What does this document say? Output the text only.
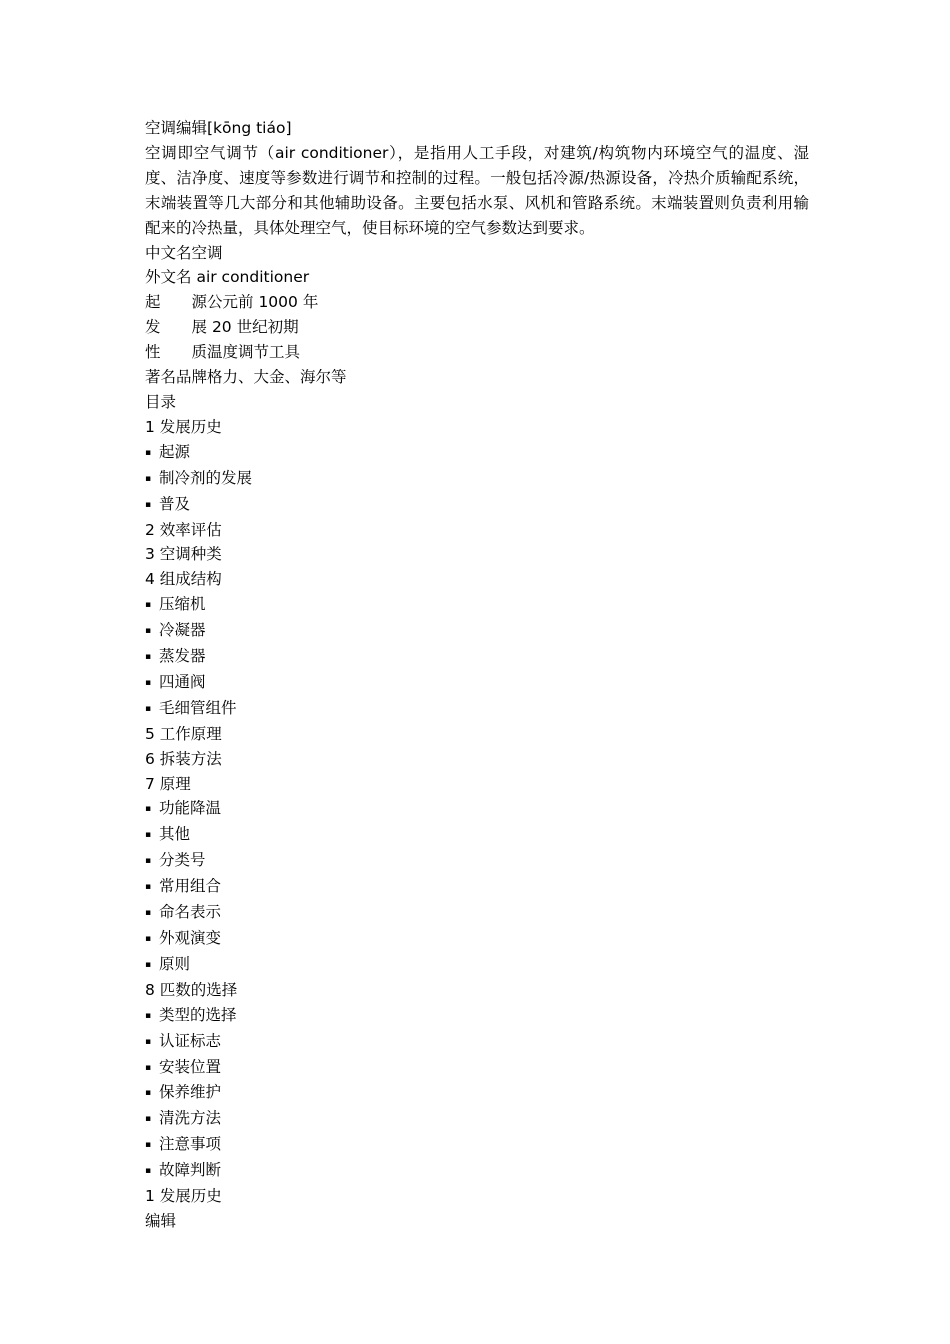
空调编辑[kōng tiáo]
空调即空气调节（air conditioner），是指用人工手段，对建筑/构筑物内环境空气的温度、湿度、洁净度、速度等参数进行调节和控制的过程。一般包括冷源/热源设备，冷热介质输配系统，末端装置等几大部分和其他辅助设备。主要包括水泵、风机和管路系统。末端装置则负责利用输配来的冷热量，具体处理空气，使目标环境的空气参数达到要求。
中文名空调
外文名 air conditioner
起　　源公元前 1000 年
发　　展 20 世纪初期
性　　质温度调节工具
著名品牌格力、大金、海尔等
目录
1 发展历史
▪ 起源
▪ 制冷剂的发展
▪ 普及
2 效率评估
3 空调种类
4 组成结构
▪ 压缩机
▪ 冷凝器
▪ 蒸发器
▪ 四通阀
▪ 毛细管组件
5 工作原理
6 拆装方法
7 原理
▪ 功能降温
▪ 其他
▪ 分类号
▪ 常用组合
▪ 命名表示
▪ 外观演变
▪ 原则
8 匹数的选择
▪ 类型的选择
▪ 认证标志
▪ 安装位置
▪ 保养维护
▪ 清洗方法
▪ 注意事项
▪ 故障判断
1 发展历史
编辑
